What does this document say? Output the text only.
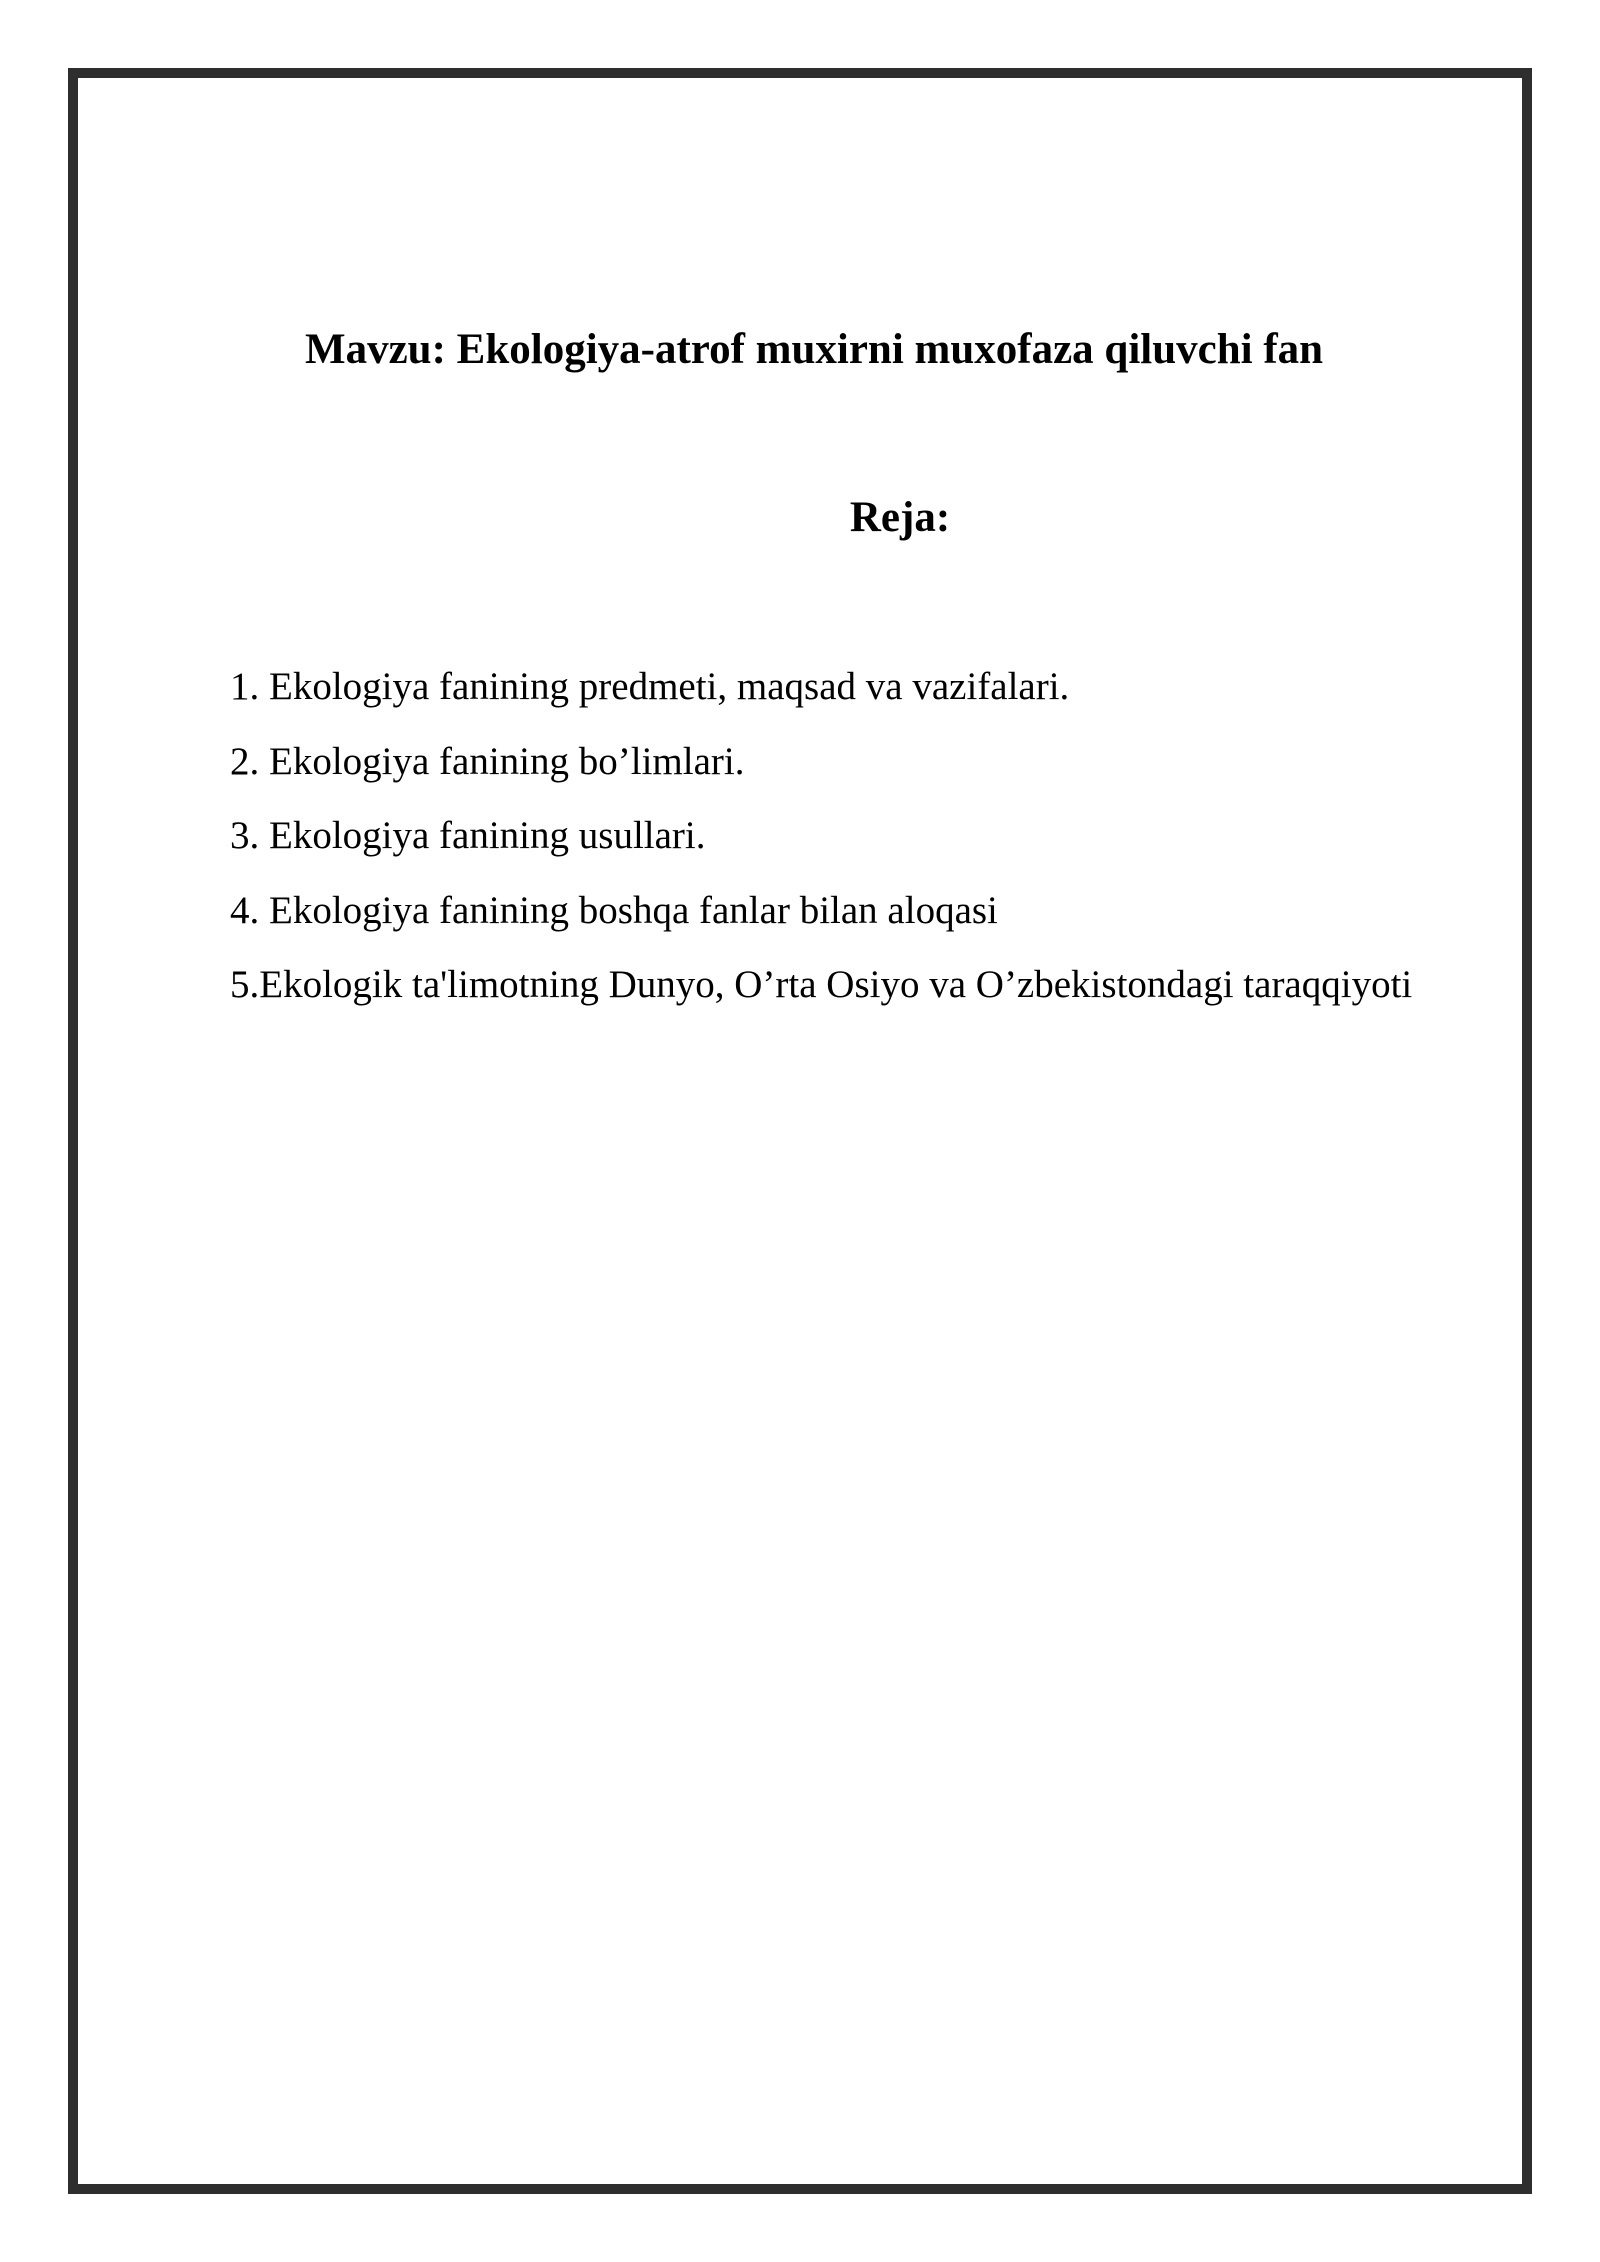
Mavzu: Ekologiya-atrof muxirni muxofaza qiluvchi fan
Reja:
1. Ekologiya fanining predmeti, maqsad va vazifalari.
2. Ekologiya fanining bo’limlari.
3. Ekologiya fanining usullari.
4. Ekologiya fanining boshqa fanlar bilan aloqasi
5.Ekologik ta'limotning Dunyo, O’rta Osiyo va O’zbekistondagi taraqqiyoti
